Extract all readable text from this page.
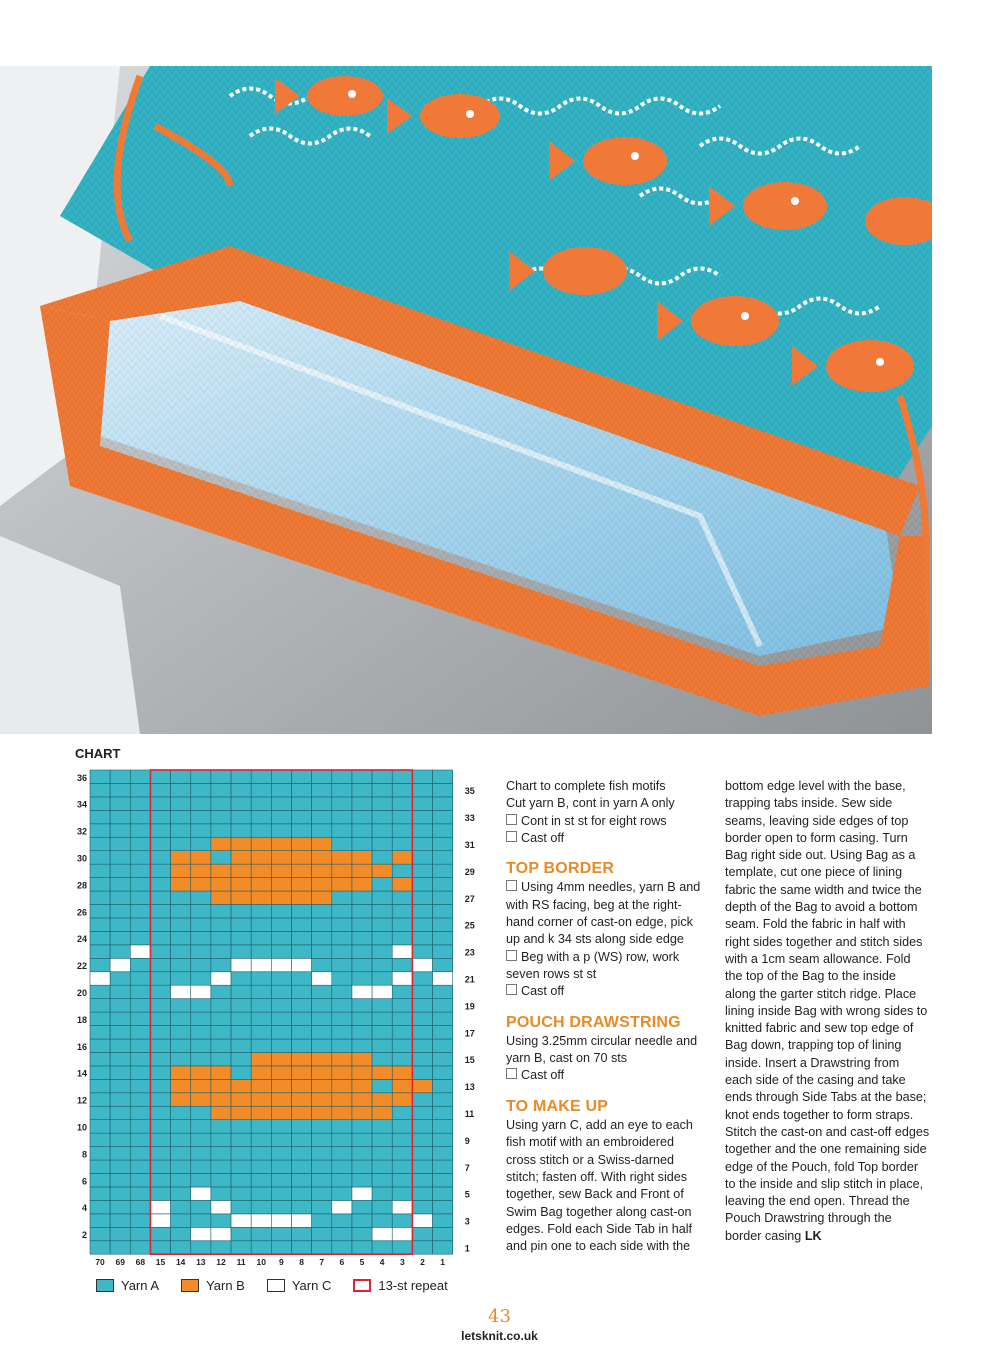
CHART
36
34
32
30
28
26
24
22
20
18
16
14
12
10
8
6
4
2
35
33
31
29
27
25
23
21
19
17
15
13
11
9
7
5
3
1
70 69 68 15 14 13 12 11 10 9 8 7 6 5 4 3 2 1
Yarn A	Yarn B	Yarn C	13-st repeat

Chart to complete fish motifs

Cut yarn B, cont in yarn A only

Cont in st st for eight rows

Cast off

TOP BORDER

Using 4mm needles, yarn B and with RS facing, beg at the right-hand corner of cast-on edge, pick up and k 34 sts along side edge

Beg with a p (WS) row, work seven rows st st

Cast off

POUCH DRAWSTRING

Using 3.25mm circular needle and yarn B, cast on 70 sts

Cast off

TO MAKE UP

Using yarn C, add an eye to each fish motif with an embroidered cross stitch or a Swiss-darned stitch; fasten off. With right sides together, sew Back and Front of Swim Bag together along cast-on edges. Fold each Side Tab in half and pin one to each side with the

bottom edge level with the base, trapping tabs inside. Sew side seams, leaving side edges of top border open to form casing. Turn Bag right side out. Using Bag as a template, cut one piece of lining fabric the same width and twice the depth of the Bag to avoid a bottom seam. Fold the fabric in half with right sides together and stitch sides with a 1cm seam allowance. Fold the top of the Bag to the inside along the garter stitch ridge. Place lining inside Bag with wrong sides to knitted fabric and sew top edge of Bag down, trapping top of lining inside. Insert a Drawstring from each side of the casing and take ends through Side Tabs at the base; knot ends together to form straps. Stitch the cast-on and cast-off edges together and the one remaining side edge of the Pouch, fold Top border to the inside and slip stitch in place, leaving the end open. Thread the Pouch Drawstring through the border casing LK

43
letsknit.co.uk
